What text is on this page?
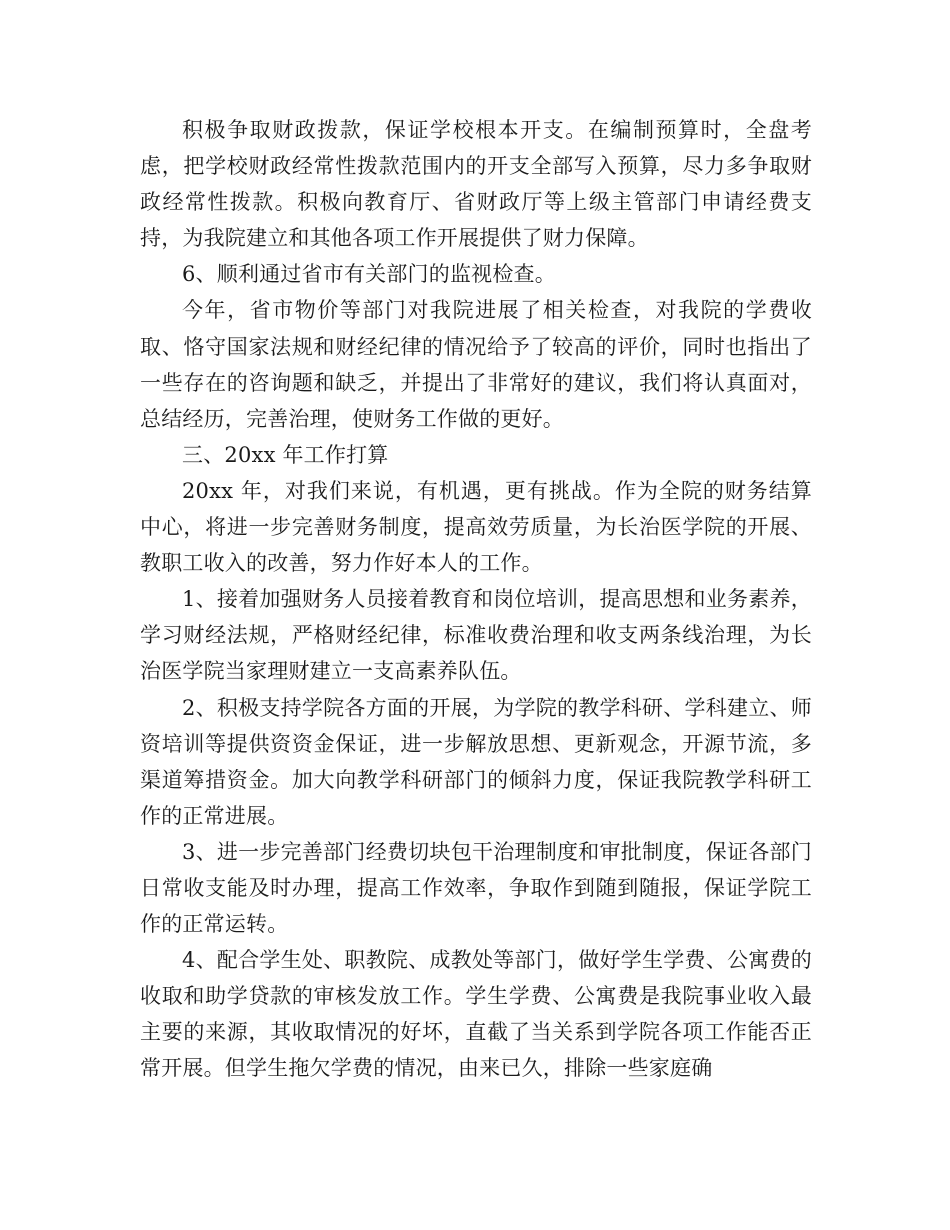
积极争取财政拨款，保证学校根本开支。在编制预算时，全盘考虑，把学校财政经常性拨款范围内的开支全部写入预算，尽力多争取财政经常性拨款。积极向教育厅、省财政厅等上级主管部门申请经费支持，为我院建立和其他各项工作开展提供了财力保障。

6、顺利通过省市有关部门的监视检查。

今年，省市物价等部门对我院进展了相关检查，对我院的学费收取、恪守国家法规和财经纪律的情况给予了较高的评价，同时也指出了一些存在的咨询题和缺乏，并提出了非常好的建议，我们将认真面对，总结经历，完善治理，使财务工作做的更好。

三、20xx 年工作打算

20xx 年，对我们来说，有机遇，更有挑战。作为全院的财务结算中心，将进一步完善财务制度，提高效劳质量，为长治医学院的开展、教职工收入的改善，努力作好本人的工作。

1、接着加强财务人员接着教育和岗位培训，提高思想和业务素养，学习财经法规，严格财经纪律，标准收费治理和收支两条线治理，为长治医学院当家理财建立一支高素养队伍。

2、积极支持学院各方面的开展，为学院的教学科研、学科建立、师资培训等提供资资金保证，进一步解放思想、更新观念，开源节流，多渠道筹措资金。加大向教学科研部门的倾斜力度，保证我院教学科研工作的正常进展。

3、进一步完善部门经费切块包干治理制度和审批制度，保证各部门日常收支能及时办理，提高工作效率，争取作到随到随报，保证学院工作的正常运转。

4、配合学生处、职教院、成教处等部门，做好学生学费、公寓费的收取和助学贷款的审核发放工作。学生学费、公寓费是我院事业收入最主要的来源，其收取情况的好坏，直截了当关系到学院各项工作能否正常开展。但学生拖欠学费的情况，由来已久，排除一些家庭确
